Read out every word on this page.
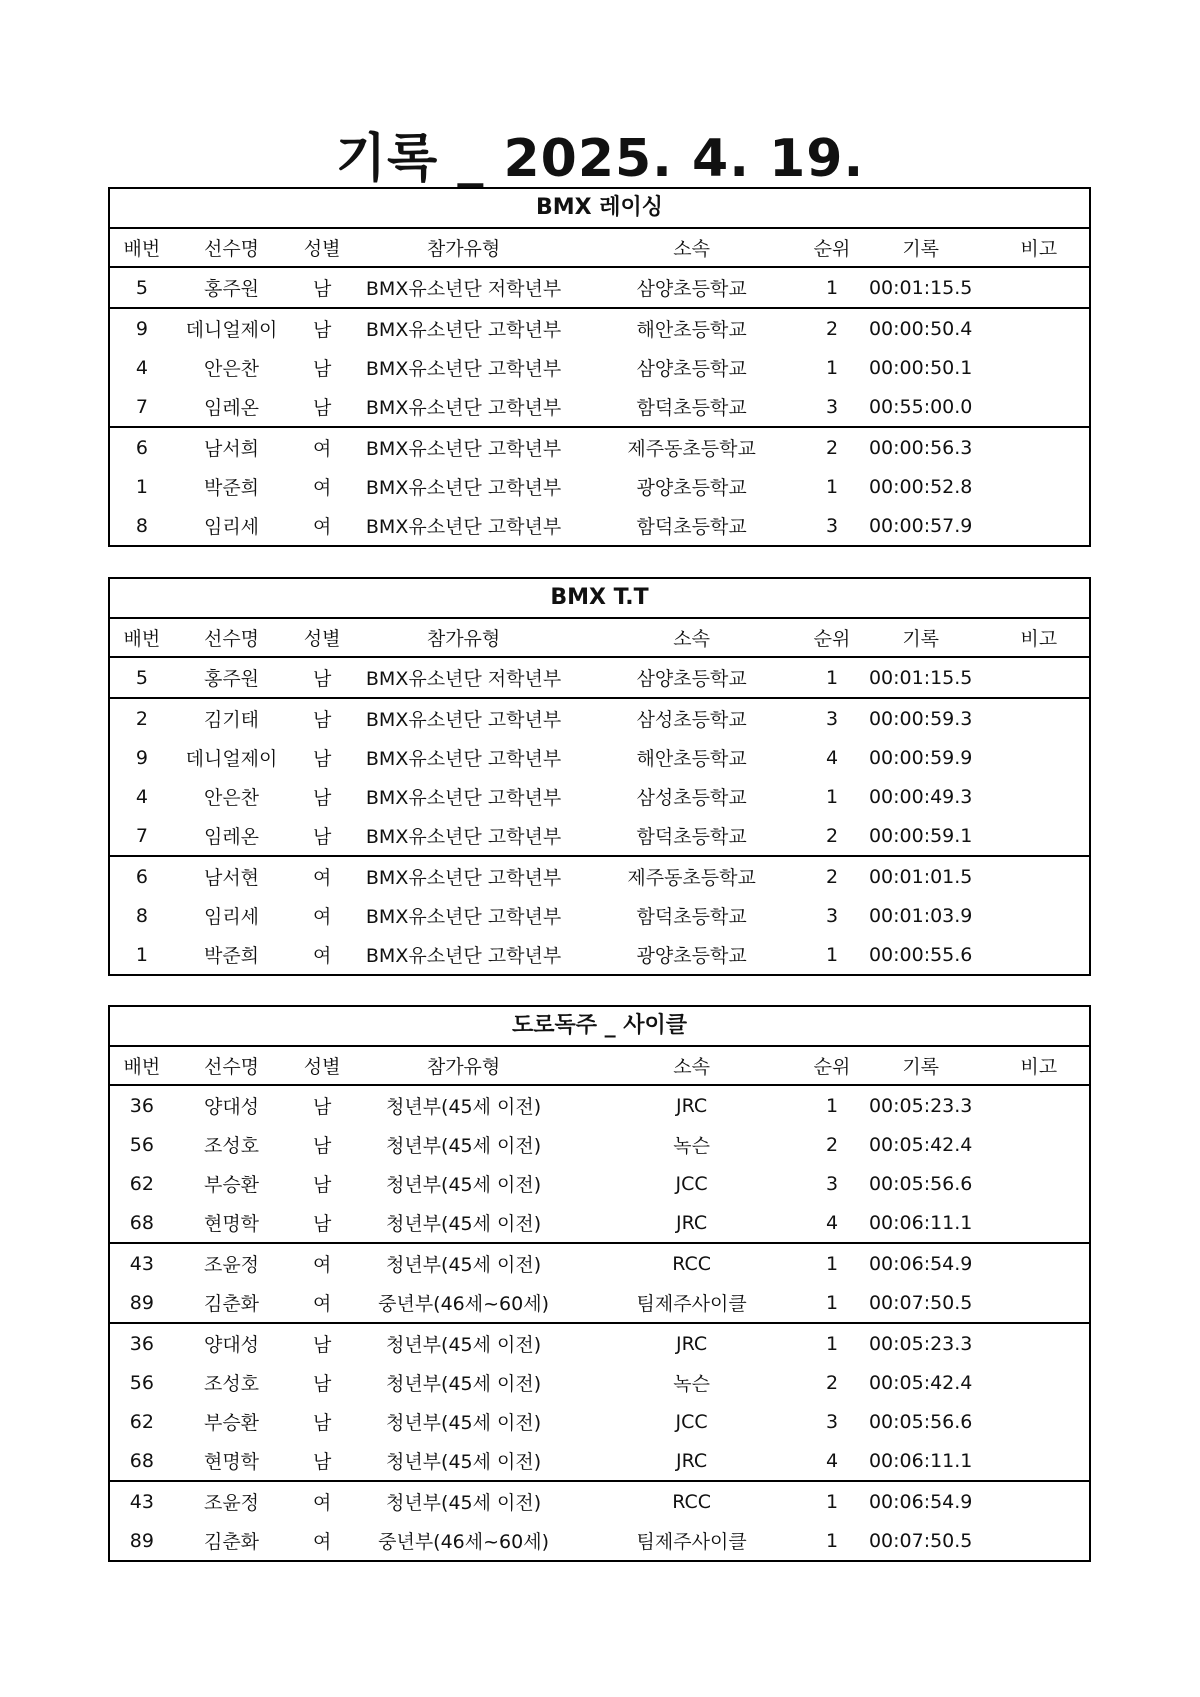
기록 _ 2025. 4. 19.
BMX 레이싱
배번	선수명	성별	참가유형	소속	순위	기록	비고
5	홍주원	남	BMX유소년단 저학년부	삼양초등학교	1	00:01:15.5
9	데니얼제이	남	BMX유소년단 고학년부	해안초등학교	2	00:00:50.4
4	안은찬	남	BMX유소년단 고학년부	삼양초등학교	1	00:00:50.1
7	임레온	남	BMX유소년단 고학년부	함덕초등학교	3	00:55:00.0
6	남서희	여	BMX유소년단 고학년부	제주동초등학교	2	00:00:56.3
1	박준희	여	BMX유소년단 고학년부	광양초등학교	1	00:00:52.8
8	임리세	여	BMX유소년단 고학년부	함덕초등학교	3	00:00:57.9
BMX T.T
배번	선수명	성별	참가유형	소속	순위	기록	비고
5	홍주원	남	BMX유소년단 저학년부	삼양초등학교	1	00:01:15.5
2	김기태	남	BMX유소년단 고학년부	삼성초등학교	3	00:00:59.3
9	데니얼제이	남	BMX유소년단 고학년부	해안초등학교	4	00:00:59.9
4	안은찬	남	BMX유소년단 고학년부	삼성초등학교	1	00:00:49.3
7	임레온	남	BMX유소년단 고학년부	함덕초등학교	2	00:00:59.1
6	남서현	여	BMX유소년단 고학년부	제주동초등학교	2	00:01:01.5
8	임리세	여	BMX유소년단 고학년부	함덕초등학교	3	00:01:03.9
1	박준희	여	BMX유소년단 고학년부	광양초등학교	1	00:00:55.6
도로독주 _ 사이클
배번	선수명	성별	참가유형	소속	순위	기록	비고
36	양대성	남	청년부(45세 이전)	JRC	1	00:05:23.3
56	조성호	남	청년부(45세 이전)	녹슨	2	00:05:42.4
62	부승환	남	청년부(45세 이전)	JCC	3	00:05:56.6
68	현명학	남	청년부(45세 이전)	JRC	4	00:06:11.1
43	조윤정	여	청년부(45세 이전)	RCC	1	00:06:54.9
89	김춘화	여	중년부(46세~60세)	팀제주사이클	1	00:07:50.5
36	양대성	남	청년부(45세 이전)	JRC	1	00:05:23.3
56	조성호	남	청년부(45세 이전)	녹슨	2	00:05:42.4
62	부승환	남	청년부(45세 이전)	JCC	3	00:05:56.6
68	현명학	남	청년부(45세 이전)	JRC	4	00:06:11.1
43	조윤정	여	청년부(45세 이전)	RCC	1	00:06:54.9
89	김춘화	여	중년부(46세~60세)	팀제주사이클	1	00:07:50.5
